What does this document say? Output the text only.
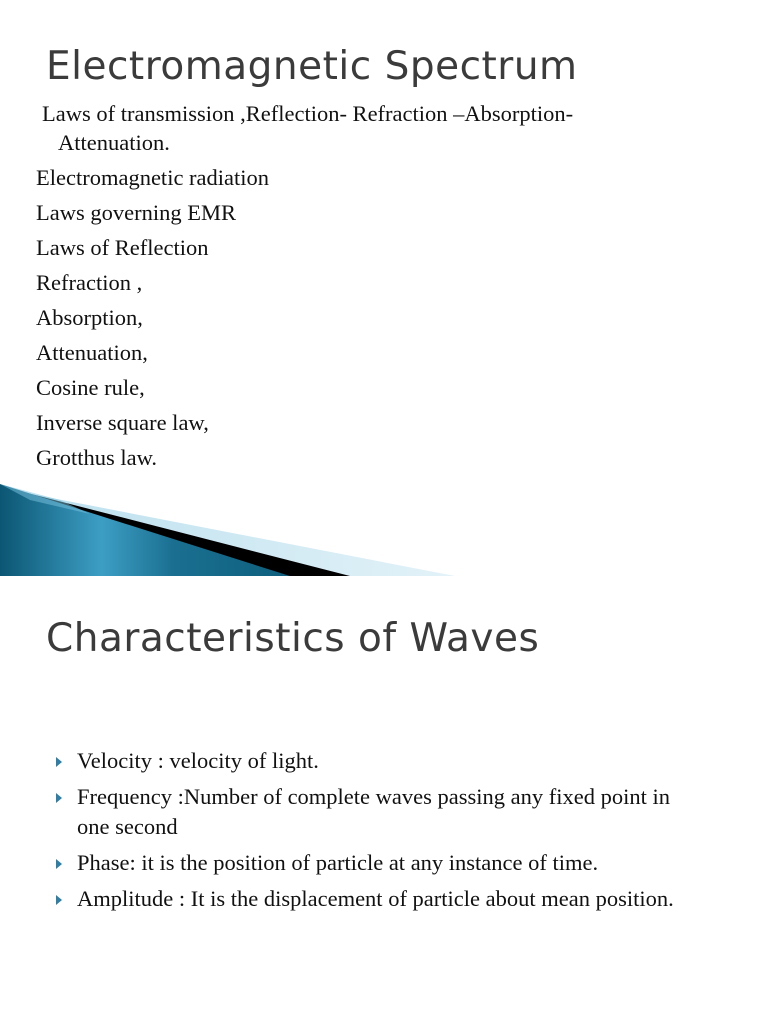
Electromagnetic Spectrum
Laws of transmission ,Reflection- Refraction –Absorption-
Attenuation.
Electromagnetic radiation
Laws governing EMR
Laws of Reflection
Refraction ,
Absorption,
Attenuation,
Cosine rule,
Inverse square law,
Grotthus law.
Characteristics of Waves
Velocity : velocity of light.
Frequency :Number of complete waves passing any fixed point in one second
Phase: it is the position of particle at any instance of time.
Amplitude : It is the displacement of particle about mean position.
